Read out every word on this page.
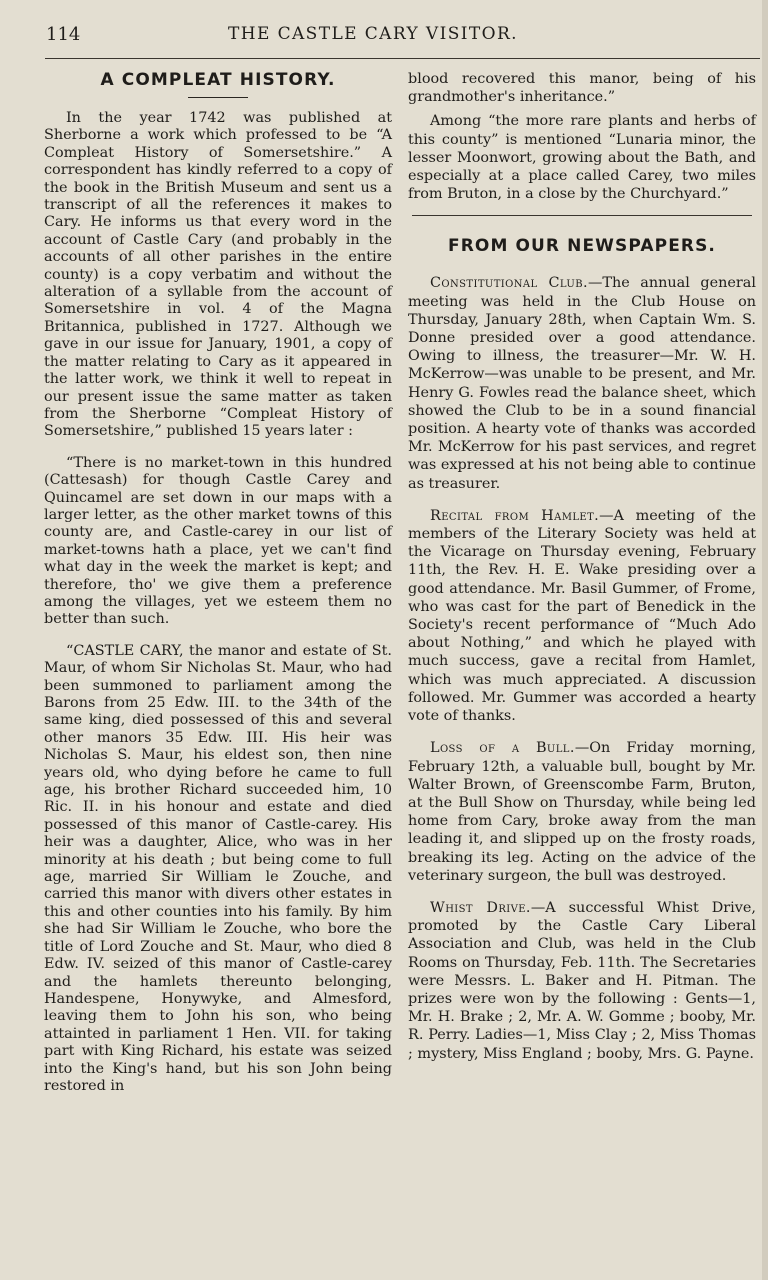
114	THE CASTLE CARY VISITOR.
A COMPLEAT HISTORY.

In the year 1742 was published at Sherborne a work which professed to be “A Compleat History of Somersetshire.” A correspondent has kindly referred to a copy of the book in the British Museum and sent us a transcript of all the references it makes to Cary. He informs us that every word in the account of Castle Cary (and probably in the accounts of all other parishes in the entire county) is a copy verbatim and without the alteration of a syllable from the account of Somersetshire in vol. 4 of the Magna Britannica, published in 1727. Although we gave in our issue for January, 1901, a copy of the matter relating to Cary as it appeared in the latter work, we think it well to repeat in our present issue the same matter as taken from the Sherborne “Compleat History of Somersetshire,” published 15 years later :

“There is no market-town in this hundred (Cattesash) for though Castle Carey and Quincamel are set down in our maps with a larger letter, as the other market towns of this county are, and Castle-carey in our list of market-towns hath a place, yet we can't find what day in the week the market is kept; and therefore, tho' we give them a preference among the villages, yet we esteem them no better than such.

“CASTLE CARY, the manor and estate of St. Maur, of whom Sir Nicholas St. Maur, who had been summoned to parliament among the Barons from 25 Edw. III. to the 34th of the same king, died possessed of this and several other manors 35 Edw. III. His heir was Nicholas S. Maur, his eldest son, then nine years old, who dying before he came to full age, his brother Richard succeeded him, 10 Ric. II. in his honour and estate and died possessed of this manor of Castle-carey. His heir was a daughter, Alice, who was in her minority at his death ; but being come to full age, married Sir William le Zouche, and carried this manor with divers other estates in this and other counties into his family. By him she had Sir William le Zouche, who bore the title of Lord Zouche and St. Maur, who died 8 Edw. IV. seized of this manor of Castle-carey and the hamlets thereunto belonging, Handespene, Honywyke, and Almesford, leaving them to John his son, who being attainted in parliament 1 Hen. VII. for taking part with King Richard, his estate was seized into the King's hand, but his son John being restored in

blood recovered this manor, being of his grandmother's inheritance.”

Among “the more rare plants and herbs of this county” is mentioned “Lunaria minor, the lesser Moonwort, growing about the Bath, and especially at a place called Carey, two miles from Bruton, in a close by the Churchyard.”

FROM OUR NEWSPAPERS.

Constitutional Club.—The annual general meeting was held in the Club House on Thursday, January 28th, when Captain Wm. S. Donne presided over a good attendance. Owing to illness, the treasurer—Mr. W. H. McKerrow—was unable to be present, and Mr. Henry G. Fowles read the balance sheet, which showed the Club to be in a sound financial position. A hearty vote of thanks was accorded Mr. McKerrow for his past services, and regret was expressed at his not being able to continue as treasurer.

Recital from Hamlet.—A meeting of the members of the Literary Society was held at the Vicarage on Thursday evening, February 11th, the Rev. H. E. Wake presiding over a good attendance. Mr. Basil Gummer, of Frome, who was cast for the part of Benedick in the Society's recent performance of “Much Ado about Nothing,” and which he played with much success, gave a recital from Hamlet, which was much appreciated. A discussion followed. Mr. Gummer was accorded a hearty vote of thanks.

Loss of a Bull.—On Friday morning, February 12th, a valuable bull, bought by Mr. Walter Brown, of Greenscombe Farm, Bruton, at the Bull Show on Thursday, while being led home from Cary, broke away from the man leading it, and slipped up on the frosty roads, breaking its leg. Acting on the advice of the veterinary surgeon, the bull was destroyed.

Whist Drive.—A successful Whist Drive, promoted by the Castle Cary Liberal Association and Club, was held in the Club Rooms on Thursday, Feb. 11th. The Secretaries were Messrs. L. Baker and H. Pitman. The prizes were won by the following : Gents—1, Mr. H. Brake ; 2, Mr. A. W. Gomme ; booby, Mr. R. Perry. Ladies—1, Miss Clay ; 2, Miss Thomas ; mystery, Miss England ; booby, Mrs. G. Payne.
